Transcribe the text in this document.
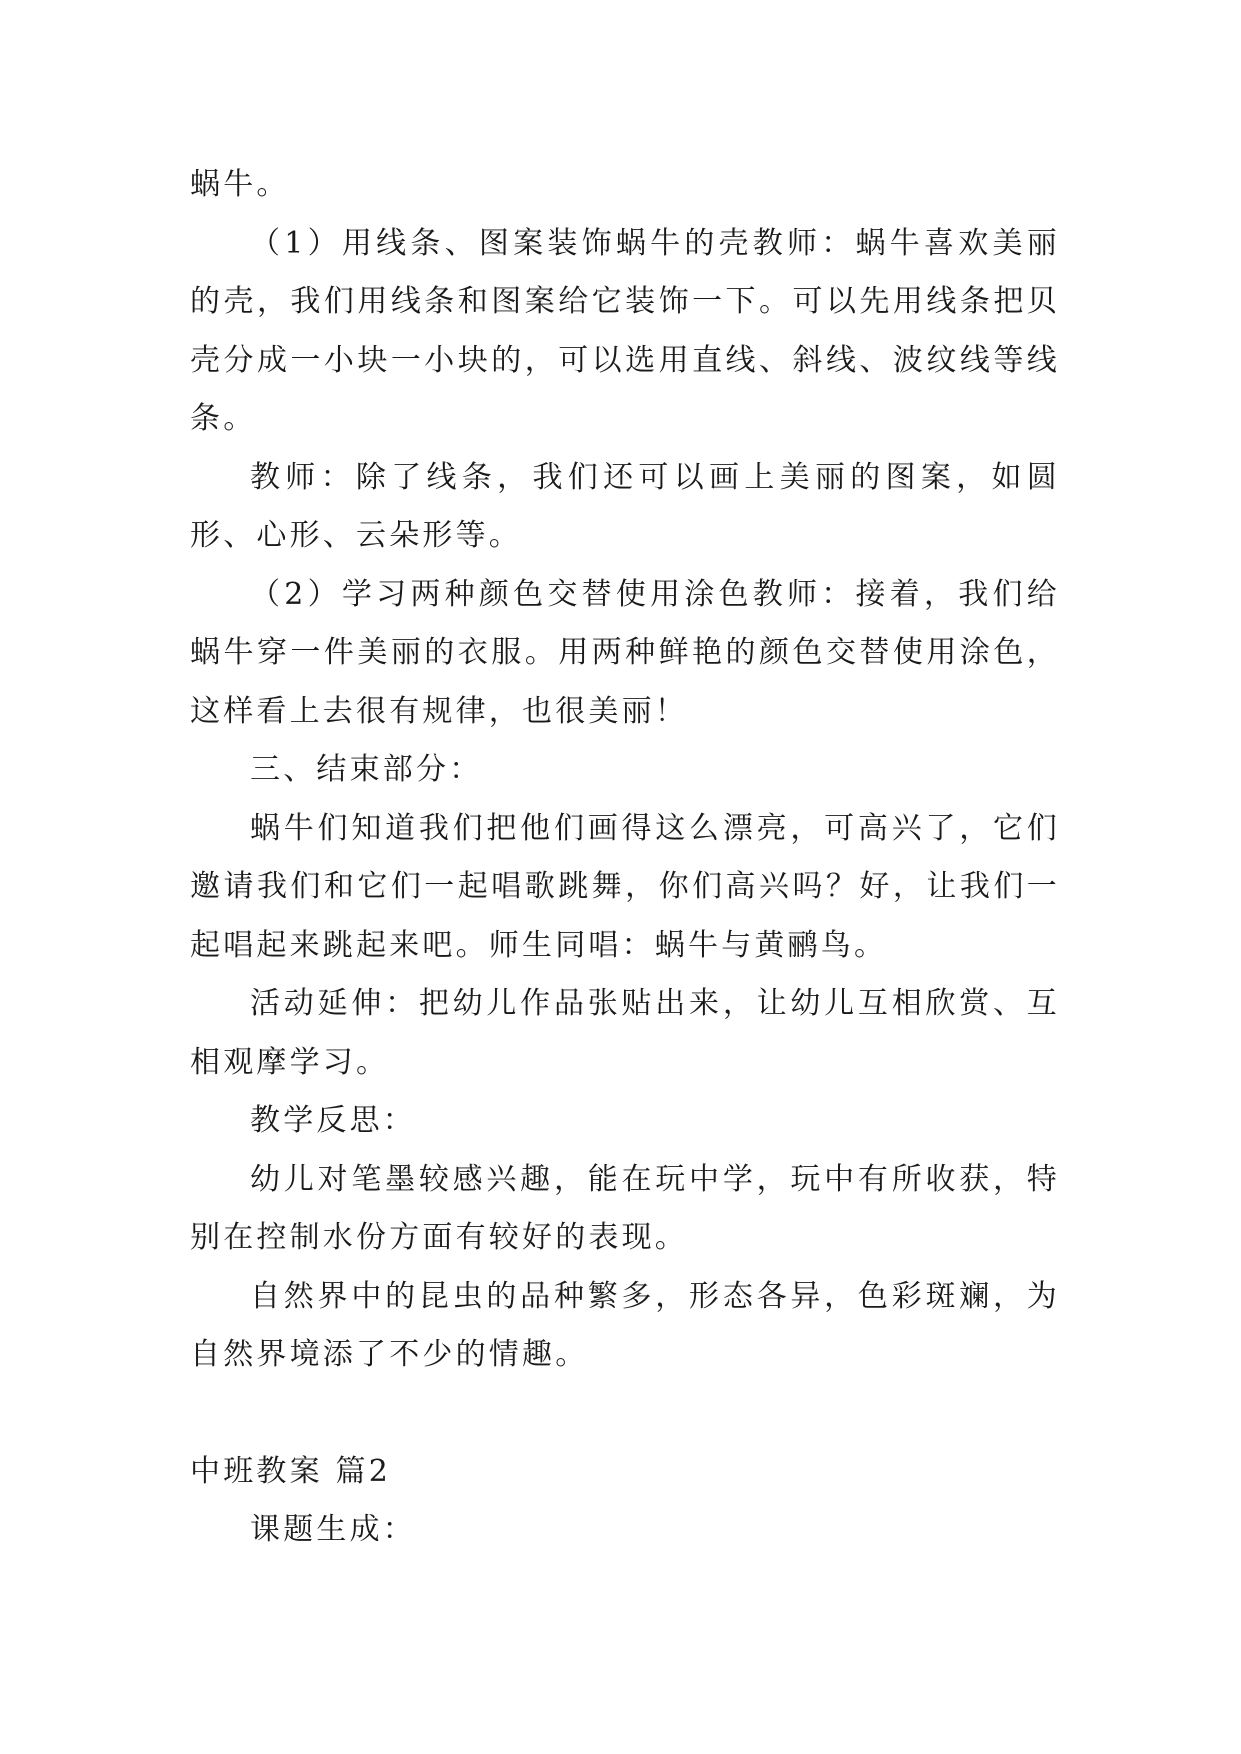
蜗牛。

（1）用线条、图案装饰蜗牛的壳教师：蜗牛喜欢美丽的壳，我们用线条和图案给它装饰一下。可以先用线条把贝壳分成一小块一小块的，可以选用直线、斜线、波纹线等线条。

教师：除了线条，我们还可以画上美丽的图案，如圆形、心形、云朵形等。

（2）学习两种颜色交替使用涂色教师：接着，我们给蜗牛穿一件美丽的衣服。用两种鲜艳的颜色交替使用涂色，这样看上去很有规律，也很美丽！

三、结束部分：

蜗牛们知道我们把他们画得这么漂亮，可高兴了，它们邀请我们和它们一起唱歌跳舞，你们高兴吗？好，让我们一起唱起来跳起来吧。师生同唱：蜗牛与黄鹂鸟。

活动延伸：把幼儿作品张贴出来，让幼儿互相欣赏、互相观摩学习。

教学反思：

幼儿对笔墨较感兴趣，能在玩中学，玩中有所收获，特别在控制水份方面有较好的表现。

自然界中的昆虫的品种繁多，形态各异，色彩斑斓，为自然界境添了不少的情趣。

中班教案 篇2

课题生成：
